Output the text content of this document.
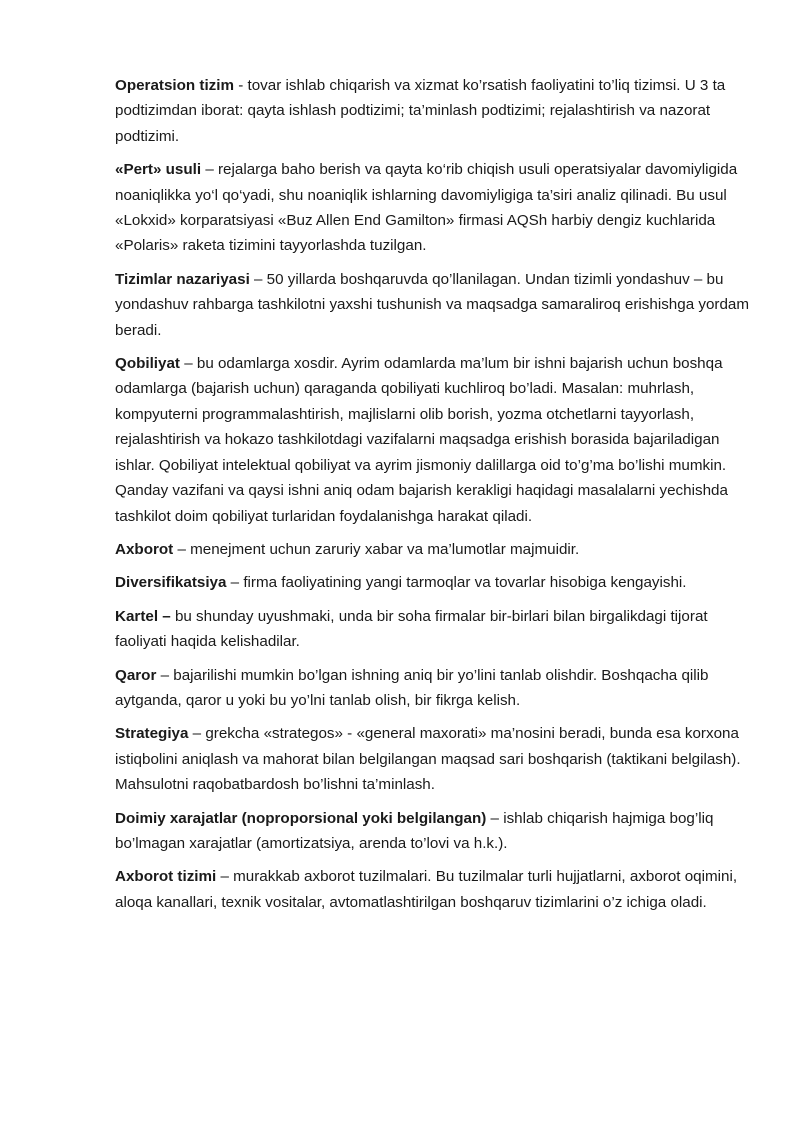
Operatsion tizim - tovar ishlab chiqarish va xizmat ko’rsatish faoliyatini to’liq tizimsi. U 3 ta podtizimdan iborat: qayta ishlash podtizimi; ta’minlash podtizimi; rejalashtirish va nazorat podtizimi.

«Pert» usuli – rejalarga baho berish va qayta ko‘rib chiqish usuli operatsiyalar davomiyligida noaniqlikka yo‘l qo‘yadi, shu noaniqlik ishlarning davomiyligiga ta’siri analiz qilinadi. Bu usul «Lokxid» korparatsiyasi «Buz Allen End Gamilton» firmasi AQSh harbiy dengiz kuchlarida «Polaris» raketa tizimini tayyorlashda tuzilgan.

Tizimlar nazariyasi – 50 yillarda boshqaruvda qo’llanilagan. Undan tizimli yondashuv – bu yondashuv rahbarga tashkilotni yaxshi tushunish va maqsadga samaraliroq erishishga yordam beradi.

Qobiliyat – bu odamlarga xosdir. Ayrim odamlarda ma’lum bir ishni bajarish uchun boshqa odamlarga (bajarish uchun) qaraganda qobiliyati kuchliroq bo’ladi. Masalan: muhrlash, kompyuterni programmalashtirish, majlislarni olib borish, yozma otchetlarni tayyorlash, rejalashtirish va hokazo tashkilotdagi vazifalarni maqsadga erishish borasida bajariladigan ishlar. Qobiliyat intelektual qobiliyat va ayrim jismoniy dalillarga oid to’g’ma bo’lishi mumkin. Qanday vazifani va qaysi ishni aniq odam bajarish kerakligi haqidagi masalalarni yechishda tashkilot doim qobiliyat turlaridan foydalanishga harakat qiladi.

Axborot – menejment uchun zaruriy xabar va ma’lumotlar majmuidir.

Diversifikatsiya – firma faoliyatining yangi tarmoqlar va tovarlar hisobiga kengayishi.

Kartel – bu shunday uyushmaki, unda bir soha firmalar bir-birlari bilan birgalikdagi tijorat faoliyati haqida kelishadilar.

Qaror – bajarilishi mumkin bo’lgan ishning aniq bir yo’lini tanlab olishdir. Boshqacha qilib aytganda, qaror u yoki bu yo’lni tanlab olish, bir fikrga kelish.

Strategiya – grekcha «strategos» - «general maxorati» ma’nosini beradi, bunda esa korxona istiqbolini aniqlash va mahorat bilan belgilangan maqsad sari boshqarish (taktikani belgilash). Mahsulotni raqobatbardosh bo’lishni ta’minlash.

Doimiy xarajatlar (noproporsional yoki belgilangan) – ishlab chiqarish hajmiga bog’liq bo’lmagan xarajatlar (amortizatsiya, arenda to’lovi va h.k.).

Axborot tizimi – murakkab axborot tuzilmalari. Bu tuzilmalar turli hujjatlarni, axborot oqimini, aloqa kanallari, texnik vositalar, avtomatlashtirilgan boshqaruv tizimlarini o’z ichiga oladi.
